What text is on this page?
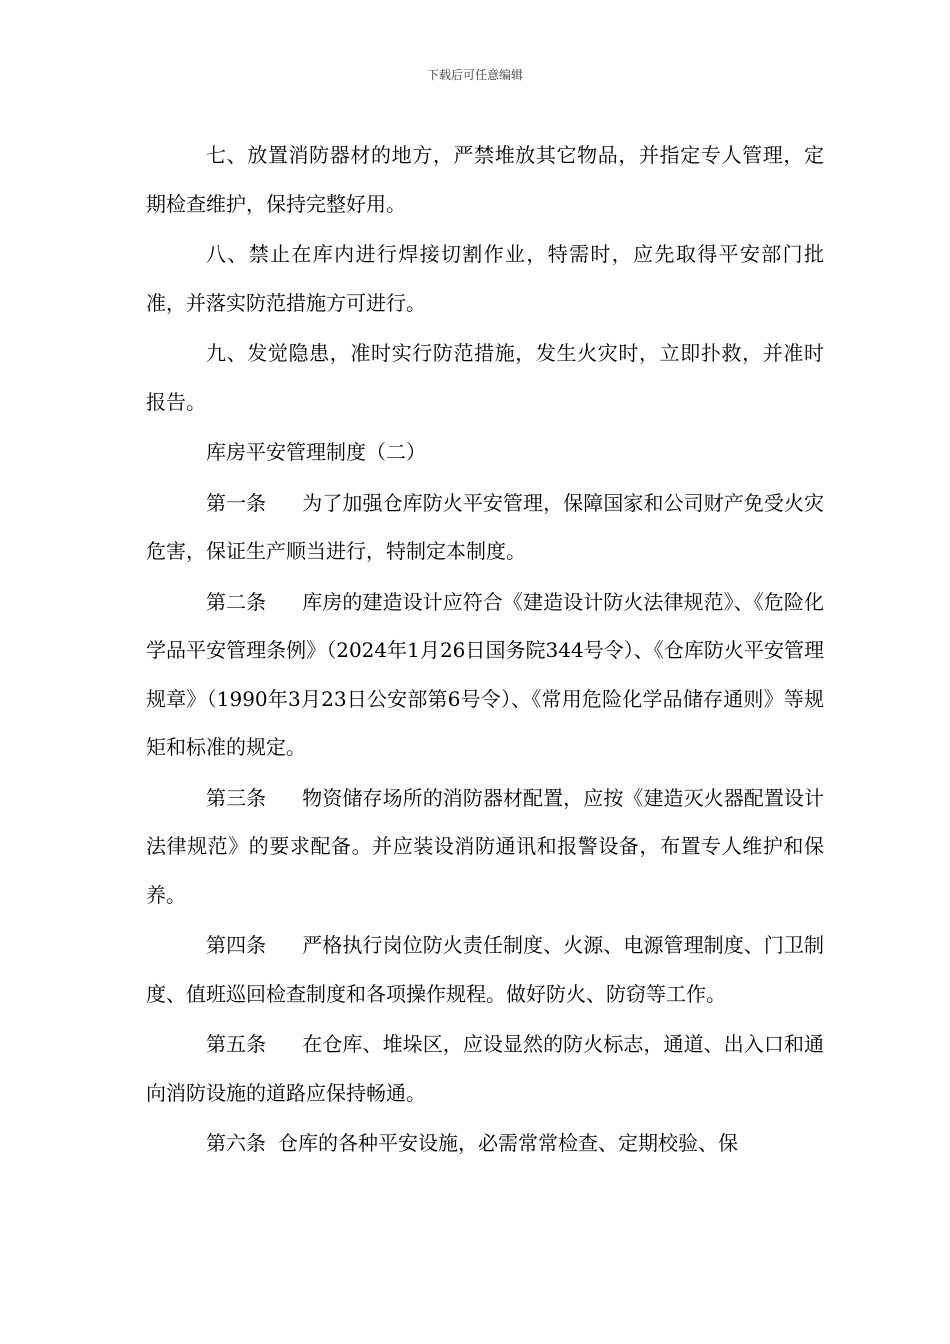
下载后可任意编辑

七、放置消防器材的地方，严禁堆放其它物品，并指定专人管理，定期检查维护，保持完整好用。

八、禁止在库内进行焊接切割作业，特需时，应先取得平安部门批准，并落实防范措施方可进行。

九、发觉隐患，准时实行防范措施，发生火灾时，立即扑救，并准时报告。

库房平安管理制度（二）

第一条 为了加强仓库防火平安管理，保障国家和公司财产免受火灾危害，保证生产顺当进行，特制定本制度。

第二条 库房的建造设计应符合《建造设计防火法律规范》、《危险化学品平安管理条例》（2024年1月26日国务院344号令）、《仓库防火平安管理规章》（1990年3月23日公安部第6号令）、《常用危险化学品储存通则》等规矩和标准的规定。

第三条 物资储存场所的消防器材配置，应按《建造灭火器配置设计法律规范》的要求配备。并应装设消防通讯和报警设备，布置专人维护和保养。

第四条 严格执行岗位防火责任制度、火源、电源管理制度、门卫制度、值班巡回检查制度和各项操作规程。做好防火、防窃等工作。

第五条 在仓库、堆垛区，应设显然的防火标志，通道、出入口和通向消防设施的道路应保持畅通。

第六条 仓库的各种平安设施，必需常常检查、定期校验、保
